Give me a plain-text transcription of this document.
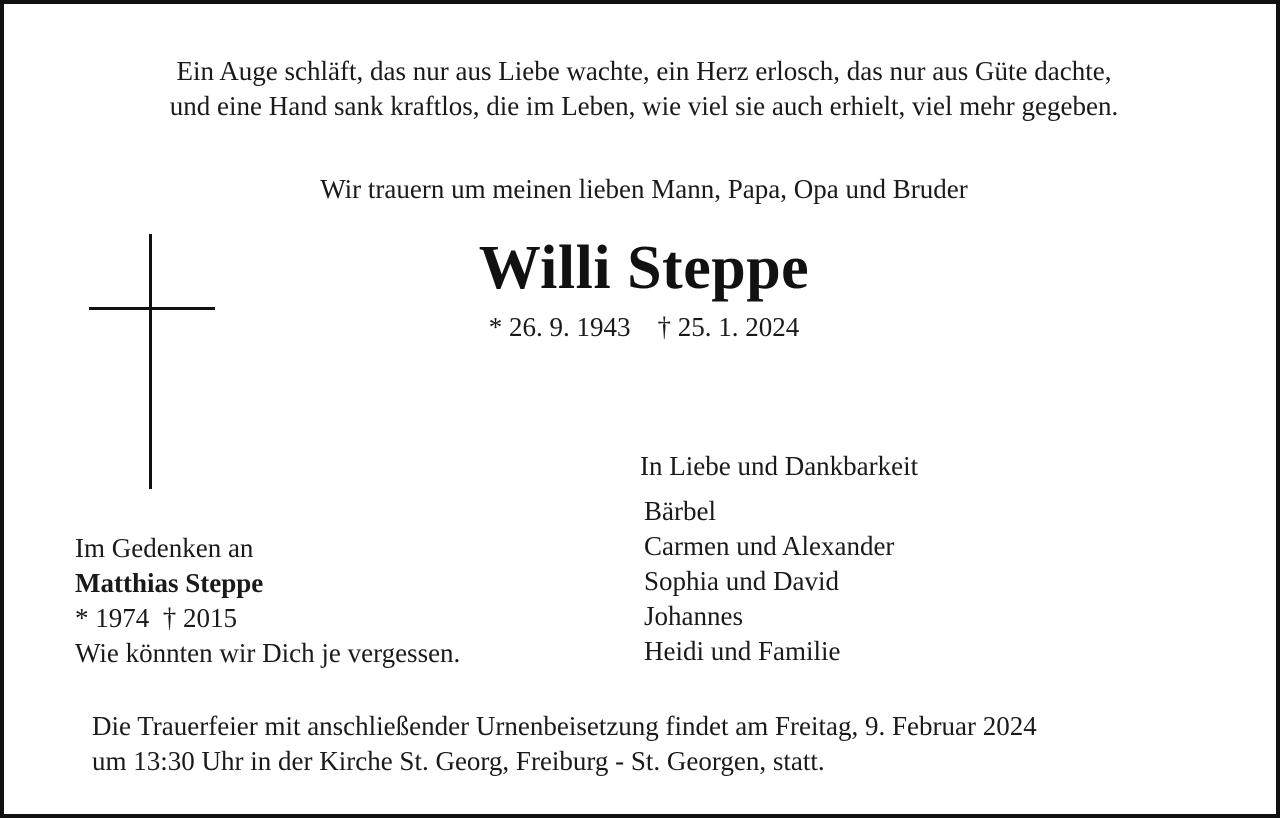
Ein Auge schläft, das nur aus Liebe wachte, ein Herz erlosch, das nur aus Güte dachte,
und eine Hand sank kraftlos, die im Leben, wie viel sie auch erhielt, viel mehr gegeben.
Wir trauern um meinen lieben Mann, Papa, Opa und Bruder
Willi Steppe
* 26. 9. 1943 † 25. 1. 2024
In Liebe und Dankbarkeit
Bärbel
Carmen und Alexander
Sophia und David
Johannes
Heidi und Familie
Im Gedenken an
Matthias Steppe
* 1974 † 2015
Wie könnten wir Dich je vergessen.
Die Trauerfeier mit anschließender Urnenbeisetzung findet am Freitag, 9. Februar 2024
um 13:30 Uhr in der Kirche St. Georg, Freiburg - St. Georgen, statt.
